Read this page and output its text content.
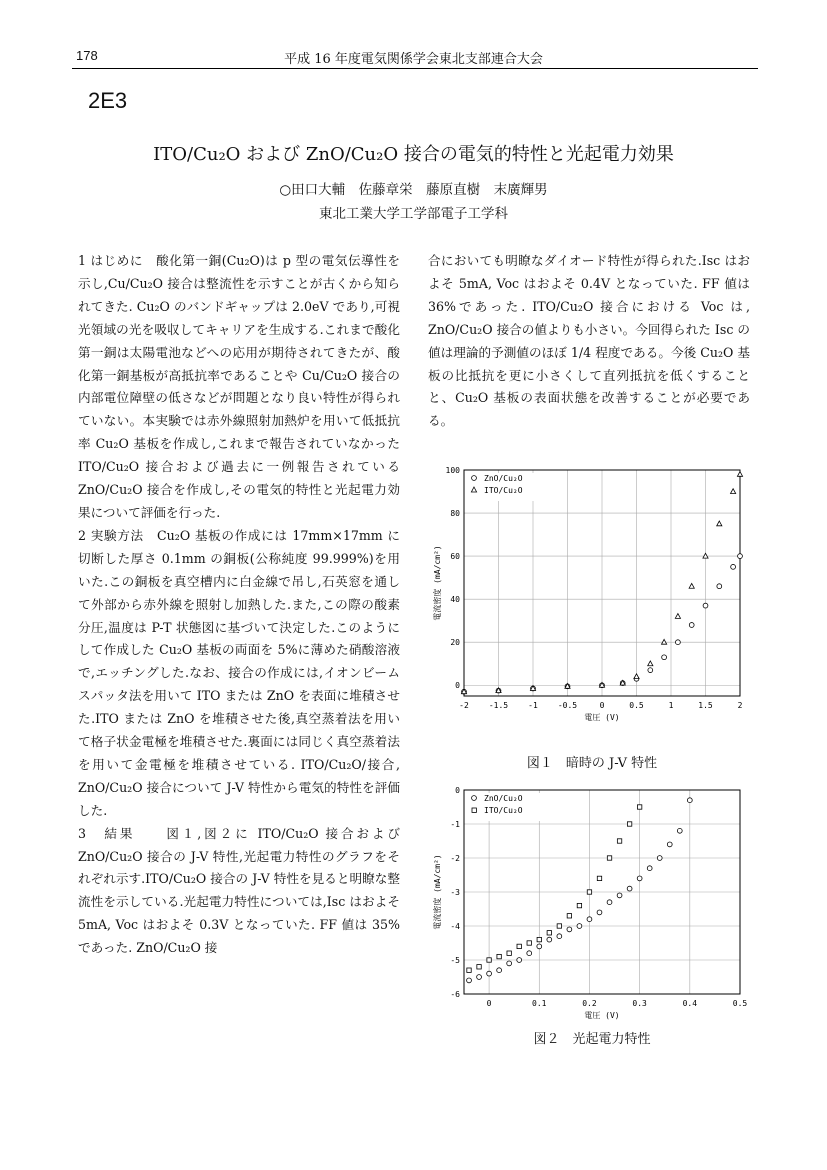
178	平成 16 年度電気関係学会東北支部連合大会
2E3
ITO/Cu₂O および ZnO/Cu₂O 接合の電気的特性と光起電力効果
○田口大輔　佐藤章栄　藤原直樹　末廣輝男
東北工業大学工学部電子工学科

1 はじめに　酸化第一銅(Cu₂O)は p 型の電気伝導性を示し,Cu/Cu₂O 接合は整流性を示すことが古くから知られてきた. Cu₂O のバンドギャップは 2.0eV であり,可視光領域の光を吸収してキャリアを生成する.これまで酸化第一銅は太陽電池などへの応用が期待されてきたが、酸化第一銅基板が高抵抗率であることや Cu/Cu₂O 接合の内部電位障壁の低さなどが問題となり良い特性が得られていない。本実験では赤外線照射加熱炉を用いて低抵抗率 Cu₂O 基板を作成し,これまで報告されていなかった ITO/Cu₂O 接合および過去に一例報告されている ZnO/Cu₂O 接合を作成し,その電気的特性と光起電力効果について評価を行った.

2 実験方法　Cu₂O 基板の作成には 17mm×17mm に切断した厚さ 0.1mm の銅板(公称純度 99.999%)を用いた.この銅板を真空槽内に白金線で吊し,石英窓を通して外部から赤外線を照射し加熱した.また,この際の酸素分圧,温度は P-T 状態図に基づいて決定した.このようにして作成した Cu₂O 基板の両面を 5%に薄めた硝酸溶液で,エッチングした.なお、接合の作成には,イオンビームスパッタ法を用いて ITO または ZnO を表面に堆積させた.ITO または ZnO を堆積させた後,真空蒸着法を用いて格子状金電極を堆積させた.裏面には同じく真空蒸着法を用いて金電極を堆積させている. ITO/Cu₂O/接合, ZnO/Cu₂O 接合について J-V 特性から電気的特性を評価した.

3　結果　　図１,図２に ITO/Cu₂O 接合および ZnO/Cu₂O 接合の J-V 特性,光起電力特性のグラフをそれぞれ示す.ITO/Cu₂O 接合の J-V 特性を見ると明瞭な整流性を示している.光起電力特性については,Isc はおよそ 5mA, Voc はおよそ 0.3V となっていた. FF 値は 35%であった. ZnO/Cu₂O 接

合においても明瞭なダイオード特性が得られた.Isc はおよそ 5mA, Voc はおよそ 0.4V となっていた. FF 値は 36%であった. ITO/Cu₂O 接合における Voc は, ZnO/Cu₂O 接合の値よりも小さい。今回得られた Isc の値は理論的予測値のほぼ 1/4 程度である。今後 Cu₂O 基板の比抵抗を更に小さくして直列抵抗を低くすることと、Cu₂O 基板の表面状態を改善することが必要である。

-2	-1.5	-1	-0.5	0	0.5	1	1.5	2
0
20
40
60
80
100
電圧 (V)
電流密度 (mA/cm²)
ZnO/Cu₂O
ITO/Cu₂O
図１　暗時の J-V 特性
0	0.1	0.2	0.3	0.4	0.5
0
-1
-2
-3
-4
-5
-6
電圧 (V)
電流密度 (mA/cm²)
ZnO/Cu₂O
ITO/Cu₂O
図２　光起電力特性
